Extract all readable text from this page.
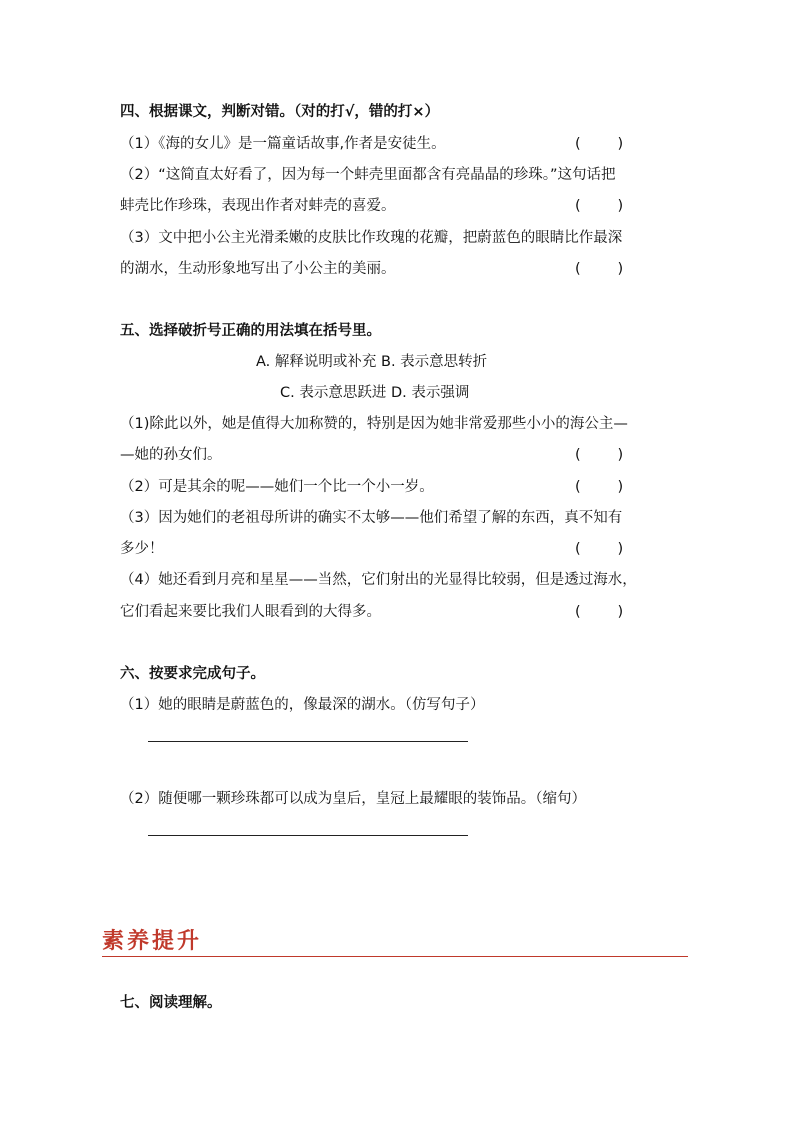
四、根据课文，判断对错。（对的打√，错的打×）
（1）《海的女儿》是一篇童话故事,作者是安徒生。	(        )
（2）“这简直太好看了，因为每一个蚌壳里面都含有亮晶晶的珍珠。”这句话把
蚌壳比作珍珠，表现出作者对蚌壳的喜爱。	(        )
（3）文中把小公主光滑柔嫩的皮肤比作玫瑰的花瓣，把蔚蓝色的眼睛比作最深
的湖水，生动形象地写出了小公主的美丽。	(        )
五、选择破折号正确的用法填在括号里。
A. 解释说明或补充 B. 表示意思转折
C. 表示意思跃进 D. 表示强调
（1)除此以外，她是值得大加称赞的，特别是因为她非常爱那些小小的海公主—
—她的孙女们。	(        )
（2）可是其余的呢——她们一个比一个小一岁。	(        )
（3）因为她们的老祖母所讲的确实不太够——他们希望了解的东西，真不知有
多少！	(        )
（4）她还看到月亮和星星——当然，它们射出的光显得比较弱，但是透过海水，
它们看起来要比我们人眼看到的大得多。	(        )
六、按要求完成句子。
（1）她的眼睛是蔚蓝色的，像最深的湖水。（仿写句子）
（2）随便哪一颗珍珠都可以成为皇后，皇冠上最耀眼的装饰品。（缩句）
素养提升
七、阅读理解。
